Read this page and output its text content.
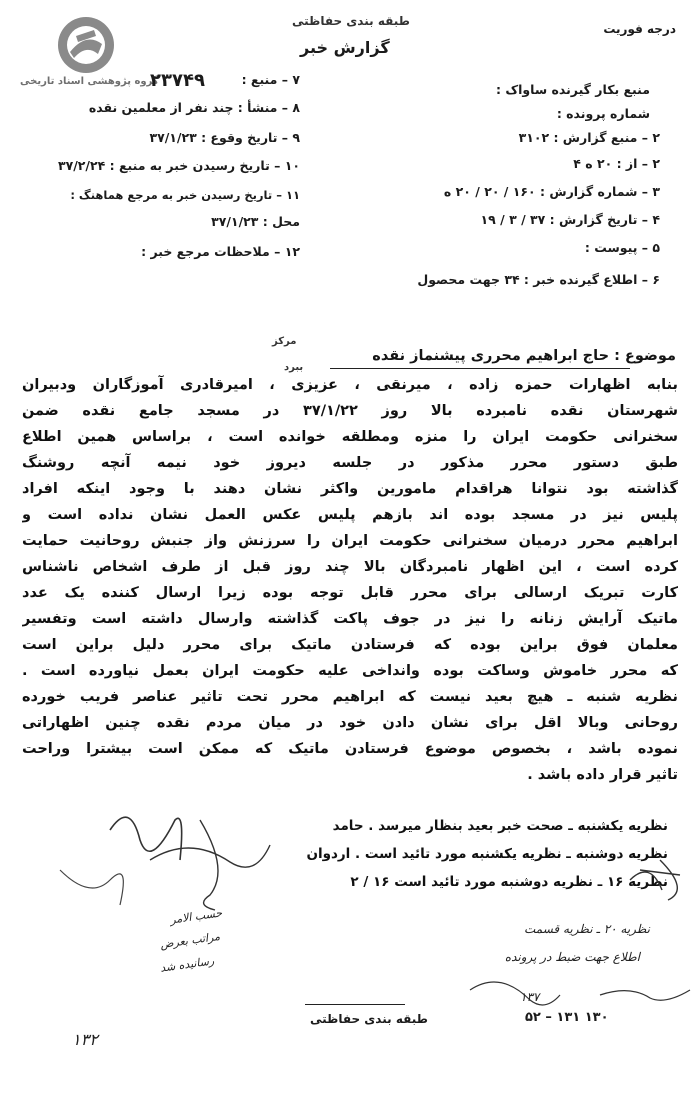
گروه پژوهشی اسناد تاریخی
درجه فوریت
طبقه بندی حفاظتی
گزارش خبر
۲۳۷۴۹	منبع بکار گیرنده ساواک :
شماره پرونده :
۲ – منبع گزارش : ۳۱۰۲
۲ – از : ۲۰ ه ۴
۳ – شماره گزارش : ۱۶۰ / ۲۰ / ۲۰ ه
۴ – تاریخ گزارش : ۳۷ / ۳ / ۱۹
۵ – پیوست :
۶ – اطلاع گیرنده خبر : ۳۴ جهت محصول
۷ – منبع :
۸ – منشأ : چند نفر از معلمین نقده
۹ – تاریخ وقوع : ۳۷/۱/۲۳
۱۰ – تاریخ رسیدن خبر به منبع : ۳۷/۲/۲۴
۱۱ – تاریخ رسیدن خبر به مرجع هماهنگ :
محل : ۳۷/۱/۲۳
۱۲ – ملاحظات مرجع خبر :
مرکز
ببرد
موضوع : حاج ابراهیم محرری پیشنماز نقده
بنابه اظهارات حمزه زاده ، میرنقی ، عزیزی ، امیرقادری آموزگاران ودبیران
شهرستان نقده نامبرده بالا روز ۳۷/۱/۲۲ در مسجد جامع نقده ضمن
سخنرانی حکومت ایران را منزه ومطلقه خوانده است ، براساس همین اطلاع
طبق دستور محرر مذکور در جلسه دیروز خود نیمه آنچه روشنگ
گذاشته بود نتوانا هراقدام مامورین واکثر نشان دهند با وجود اینکه افراد
پلیس نیز در مسجد بوده اند بازهم پلیس عکس العمل نشان نداده است و
ابراهیم محرر درمیان سخنرانی حکومت ایران را سرزنش واز جنبش روحانیت حمایت
کرده است ، این اظهار نامبردگان بالا چند روز قبل از طرف اشخاص ناشناس
کارت تبریک ارسالی برای محرر قابل توجه بوده زیرا ارسال کننده یک عدد
ماتیک آرایش زنانه را نیز در جوف پاکت گذاشته وارسال داشته است وتفسیر
معلمان فوق براین بوده که فرستادن ماتیک برای محرر دلیل براین است
که محرر خاموش وساکت بوده وانداخی علیه حکومت ایران بعمل نیاورده است .
نظریه شنبه ـ هیچ بعید نیست که ابراهیم محرر تحت تاثیر عناصر فریب خورده
روحانی وبالا اقل برای نشان دادن خود در میان مردم نقده چنین اظهاراتی
نموده باشد ، بخصوص موضوع فرستادن ماتیک که ممکن است بیشترا وراحت
تاثیر قرار داده باشد .
نظریه یکشنبه ـ صحت خبر بعید بنظار میرسد . حامد
نظریه دوشنبه ـ نظریه یکشنبه مورد تائید است . اردوان
نظریه ۱۶ ـ نظریه دوشنبه مورد تائید است ۱۶ / ۲
نظریه ۲۰ ـ نظریه قسمت
اطلاع جهت ضبط در پرونده
حسب الامر
مراتب بعرض
رسانیده شد
۱۳۲
۱۳۷
۵۲ – ۱۳۱ ۱۳۰
طبقه بندی حفاظتی
